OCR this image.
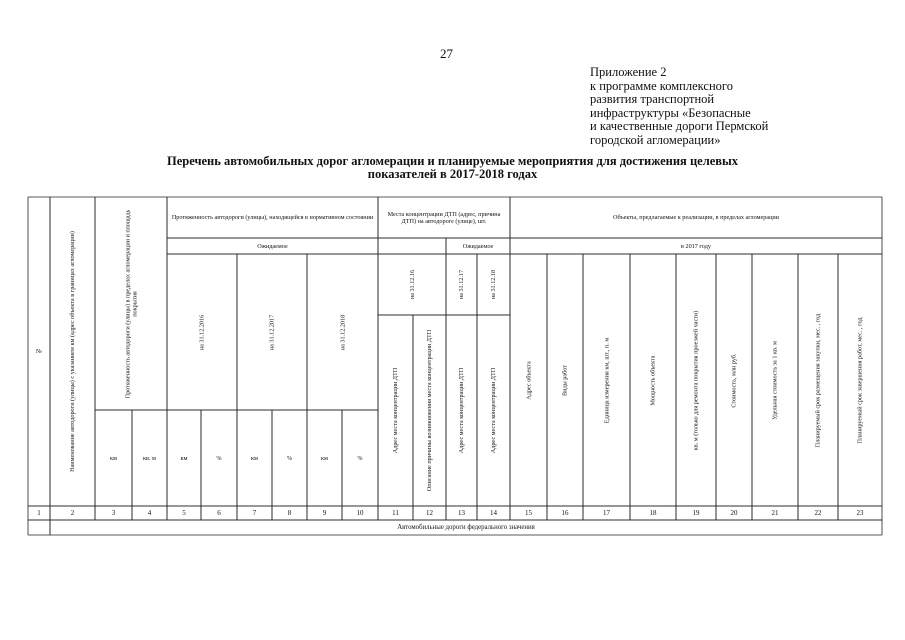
27
Приложение 2
к программе комплексного
развития транспортной
инфраструктуры «Безопасные
и качественные дороги Пермской
городской агломерации»
Перечень автомобильных дорог агломерации и планируемые мероприятия для достижения целевых
показателей в 2017-2018 годах
№	Наименование автодороги (улицы) с указанием км (адрес объекта в границах агломерации)	Протяженность автодороги (улицы) в пределах агломерации и площадь покрытия
Протяженность автодороги (улицы), находящейся в нормативном состоянии	Места концентрации ДТП (адрес, причина ДТП) на автодороге (улице), шт.	Объекты, предлагаемые к реализации, в пределах агломерации
Ожидаемое	Ожидаемое	в 2017 году
на 31.12.2016	на 31.12.2017	на 31.12.2018
на 31.12.16	на 31.12.17	на 31.12.18
Адрес места концентрации ДТП	Описание причины возникновения места концентрации ДТП	Адрес места концентрации ДТП	Адрес места концентрации ДТП	Адрес объекта	Виды работ	Единица измерения км, шт., п. м	Мощность объекта	кв. м (только для ремонта покрытия проезжей части)	Стоимость, млн руб.	Удельная стоимость за 1 кв. м	Планируемый срок размещения закупки, мес. , год	Планируемый срок завершения работ, мес. , год
км	кв. м	км	%	км	%	км	%
1	2	3	4	5	6	7	8	9	10	11	12	13	14	15	16	17	18	19	20	21	22	23
Автомобильные дороги федерального значения
